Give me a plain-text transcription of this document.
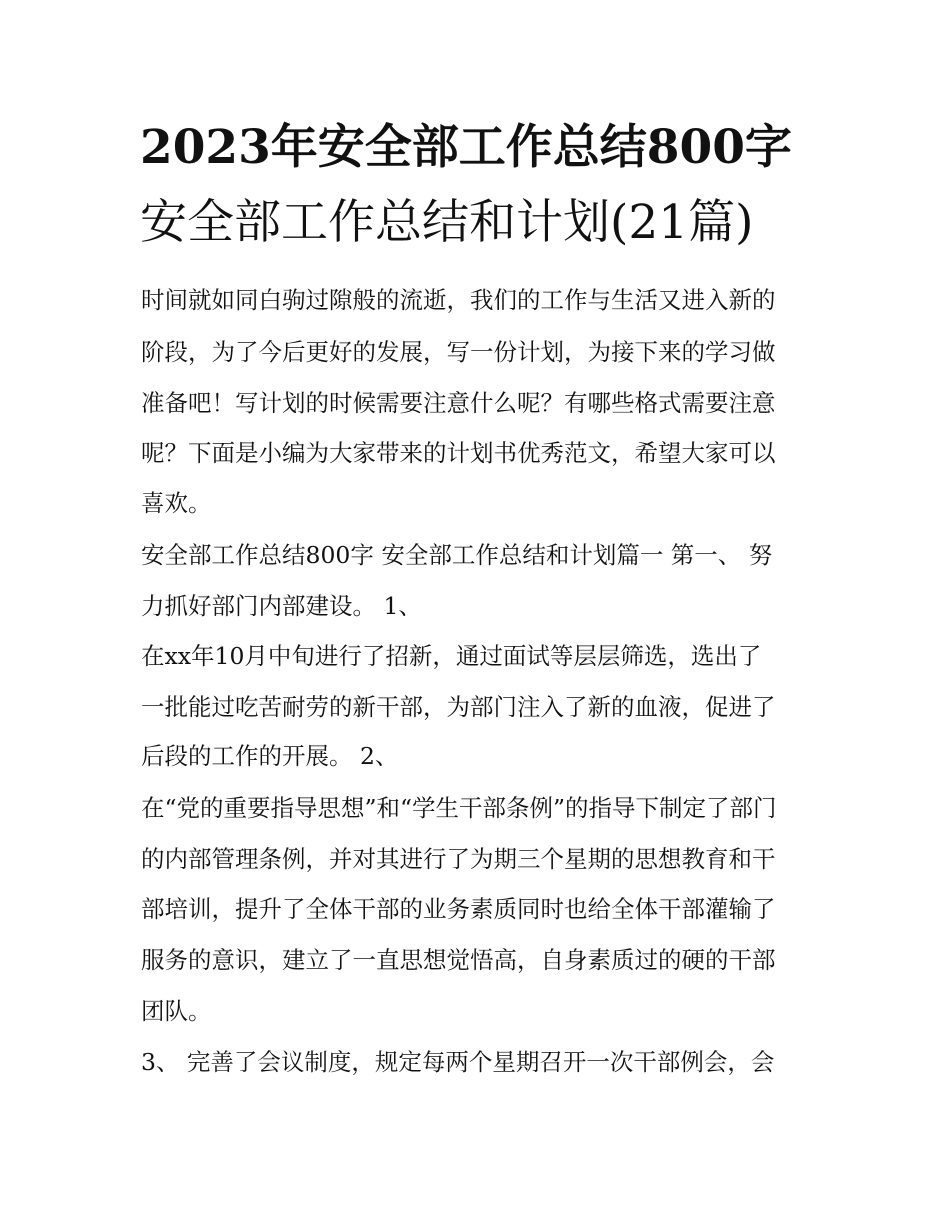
2023年安全部工作总结800字
安全部工作总结和计划(21篇)

时间就如同白驹过隙般的流逝，我们的工作与生活又进入新的

阶段，为了今后更好的发展，写一份计划，为接下来的学习做

准备吧！写计划的时候需要注意什么呢？有哪些格式需要注意

呢？下面是小编为大家带来的计划书优秀范文，希望大家可以

喜欢。

安全部工作总结800字 安全部工作总结和计划篇一 第一、 努

力抓好部门内部建设。 1、

在xx年10月中旬进行了招新，通过面试等层层筛选，选出了

一批能过吃苦耐劳的新干部，为部门注入了新的血液，促进了

后段的工作的开展。 2、

在“党的重要指导思想”和“学生干部条例”的指导下制定了部门

的内部管理条例，并对其进行了为期三个星期的思想教育和干

部培训，提升了全体干部的业务素质同时也给全体干部灌输了

服务的意识，建立了一直思想觉悟高，自身素质过的硬的干部

团队。

3、 完善了会议制度，规定每两个星期召开一次干部例会，会
